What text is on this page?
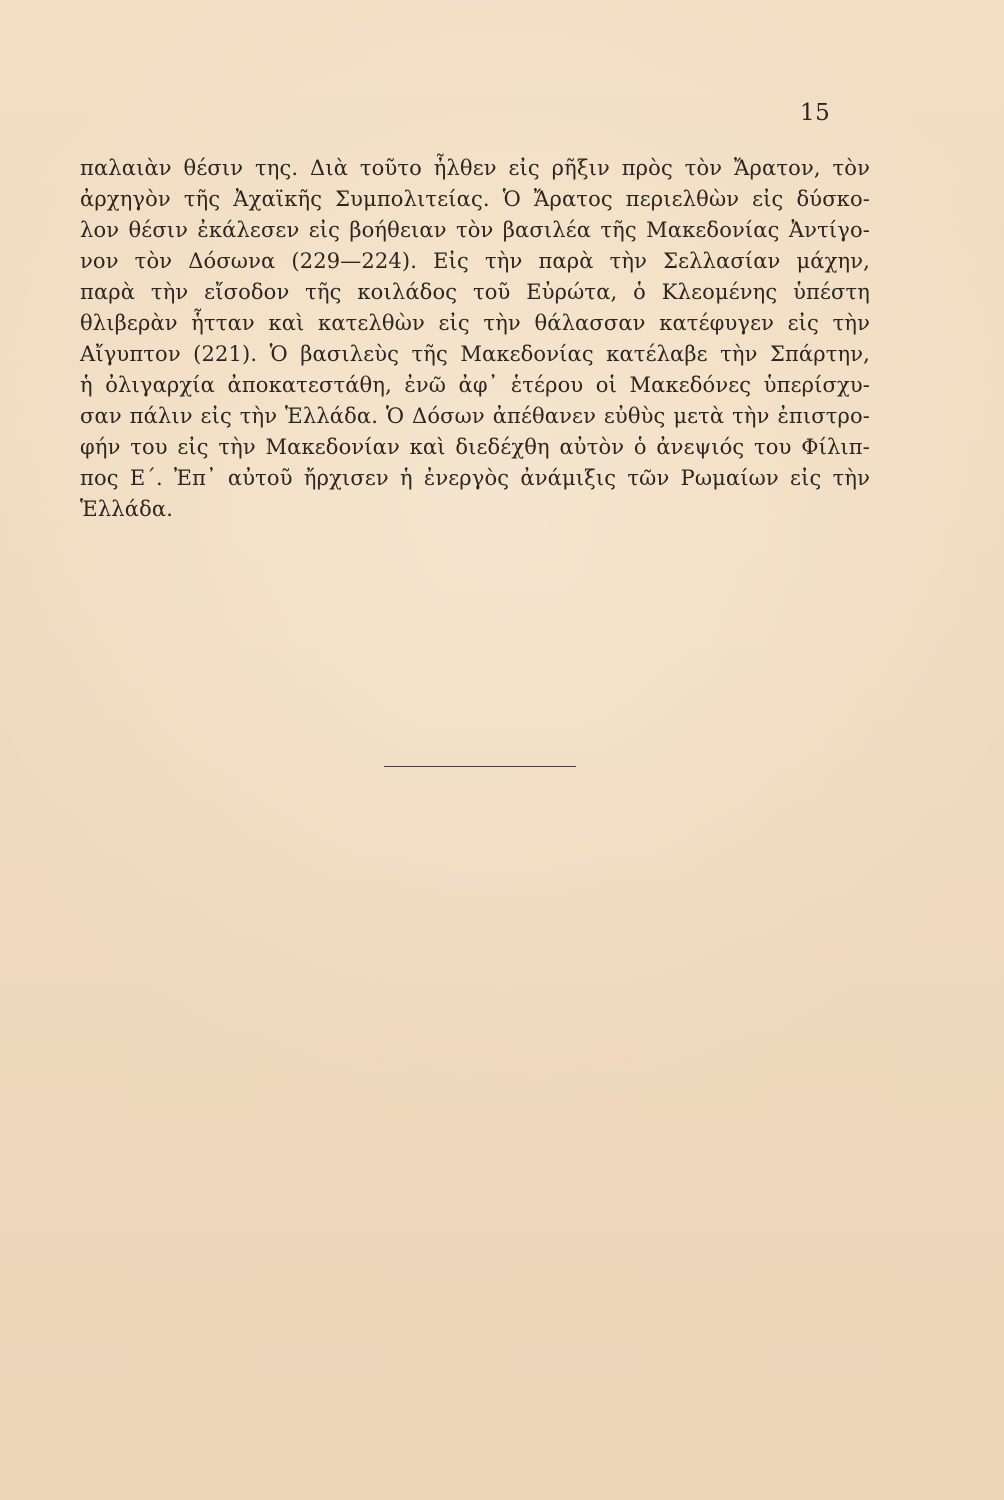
15
παλαιὰν θέσιν της. Διὰ τοῦτο ἦλθεν εἰς ρῆξιν πρὸς τὸν Ἄρατον, τὸν
ἀρχηγὸν τῆς Ἀχαϊκῆς Συμπολιτείας. Ὁ Ἄρατος περιελθὼν εἰς δύσκο-
λον θέσιν ἐκάλεσεν εἰς βοήθειαν τὸν βασιλέα τῆς Μακεδονίας Ἀντίγο-
νον τὸν Δόσωνα (229—224). Εἰς τὴν παρὰ τὴν Σελλασίαν μάχην,
παρὰ τὴν εἴσοδον τῆς κοιλάδος τοῦ Εὐρώτα, ὁ Κλεομένης ὑπέστη
θλιβερὰν ἧτταν καὶ κατελθὼν εἰς τὴν θάλασσαν κατέφυγεν εἰς τὴν
Αἴγυπτον (221). Ὁ βασιλεὺς τῆς Μακεδονίας κατέλαβε τὴν Σπάρτην,
ἡ ὀλιγαρχία ἀποκατεστάθη, ἐνῶ ἀφ᾽ ἑτέρου οἱ Μακεδόνες ὑπερίσχυ-
σαν πάλιν εἰς τὴν Ἑλλάδα. Ὁ Δόσων ἀπέθανεν εὐθὺς μετὰ τὴν ἐπιστρο-
φήν του εἰς τὴν Μακεδονίαν καὶ διεδέχθη αὐτὸν ὁ ἀνεψιός του Φίλιπ-
πος Ε΄. Ἐπ᾽ αὐτοῦ ἤρχισεν ἡ ἐνεργὸς ἀνάμιξις τῶν Ρωμαίων εἰς τὴν
Ἑλλάδα.
